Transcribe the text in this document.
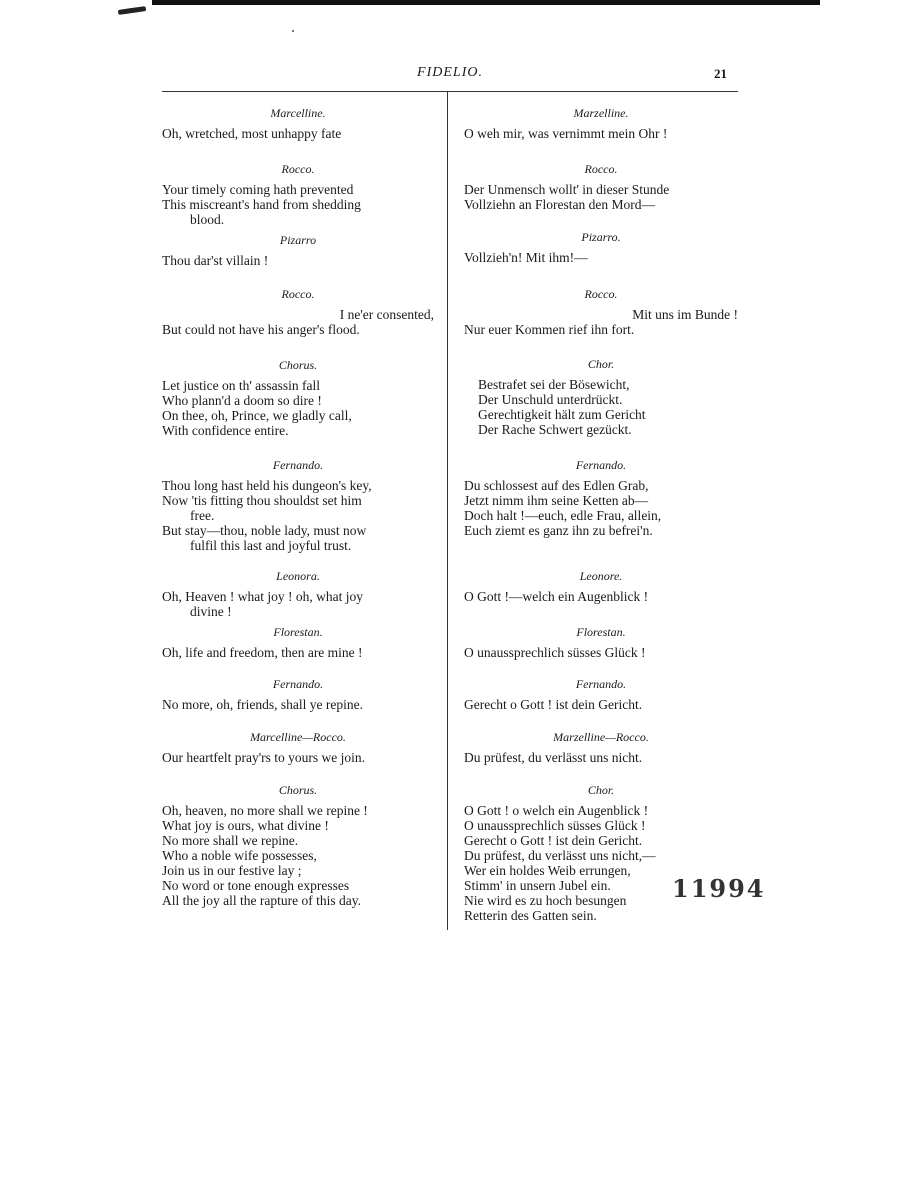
FIDELIO.	21
Marcelline.
Oh, wretched, most unhappy fate
Rocco.
Your timely coming hath prevented
This miscreant's hand from shedding
blood.
Pizarro
Thou dar'st villain !
Rocco.
I ne'er consented,
But could not have his anger's flood.
Chorus.
Let justice on th' assassin fall
Who plann'd a doom so dire !
On thee, oh, Prince, we gladly call,
With confidence entire.
Fernando.
Thou long hast held his dungeon's key,
Now 'tis fitting thou shouldst set him
free.
But stay—thou, noble lady, must now
fulfil this last and joyful trust.
Leonora.
Oh, Heaven ! what joy ! oh, what joy
divine !
Florestan.
Oh, life and freedom, then are mine !
Fernando.
No more, oh, friends, shall ye repine.
Marcelline—Rocco.
Our heartfelt pray'rs to yours we join.
Chorus.
Oh, heaven, no more shall we repine !
What joy is ours, what divine !
No more shall we repine.
Who a noble wife possesses,
Join us in our festive lay ;
No word or tone enough expresses
All the joy all the rapture of this day.
Marzelline.
O weh mir, was vernimmt mein Ohr !
Rocco.
Der Unmensch wollt' in dieser Stunde
Vollziehn an Florestan den Mord—
Pizarro.
Vollzieh'n! Mit ihm!—
Rocco.
Mit uns im Bunde !
Nur euer Kommen rief ihn fort.
Chor.
Bestrafet sei der Bösewicht,
Der Unschuld unterdrückt.
Gerechtigkeit hält zum Gericht
Der Rache Schwert gezückt.
Fernando.
Du schlossest auf des Edlen Grab,
Jetzt nimm ihm seine Ketten ab—
Doch halt !—euch, edle Frau, allein,
Euch ziemt es ganz ihn zu befrei'n.
Leonore.
O Gott !—welch ein Augenblick !
Florestan.
O unaussprechlich süsses Glück !
Fernando.
Gerecht o Gott ! ist dein Gericht.
Marzelline—Rocco.
Du prüfest, du verlässt uns nicht.
Chor.
O Gott ! o welch ein Augenblick !
O unaussprechlich süsses Glück !
Gerecht o Gott ! ist dein Gericht.
Du prüfest, du verlässt uns nicht,—
Wer ein holdes Weib errungen,
Stimm' in unsern Jubel ein.
Nie wird es zu hoch besungen
Retterin des Gatten sein.
11994
